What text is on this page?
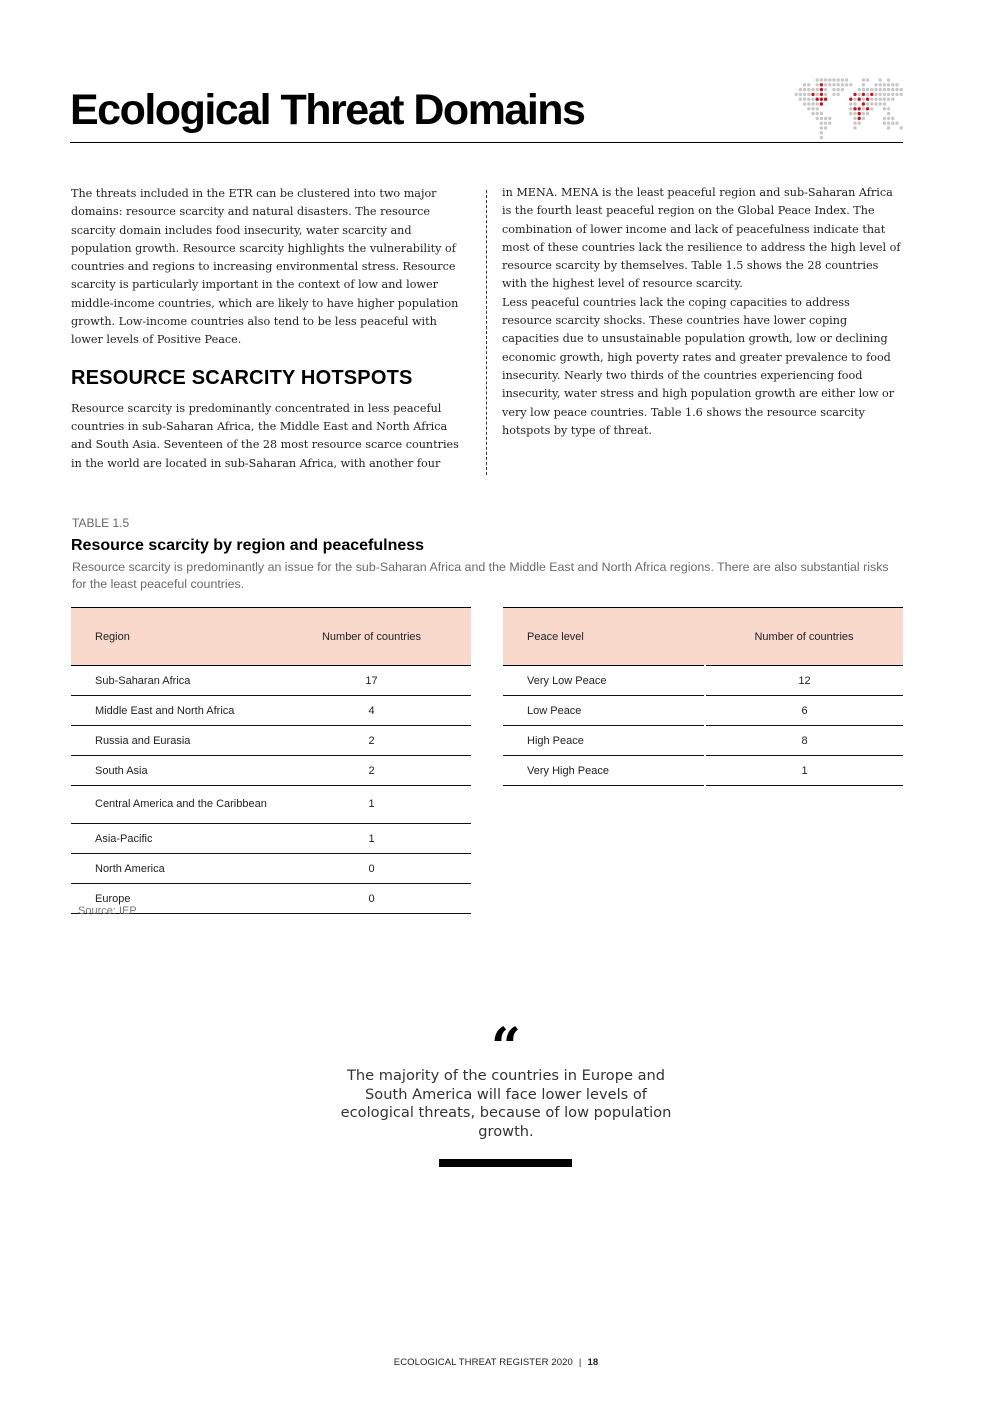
Ecological Threat Domains

The threats included in the ETR can be clustered into two major domains: resource scarcity and natural disasters. The resource scarcity domain includes food insecurity, water scarcity and population growth. Resource scarcity highlights the vulnerability of countries and regions to increasing environmental stress. Resource scarcity is particularly important in the context of low and lower middle-income countries, which are likely to have higher population growth. Low-income countries also tend to be less peaceful with lower levels of Positive Peace.

RESOURCE SCARCITY HOTSPOTS

Resource scarcity is predominantly concentrated in less peaceful countries in sub-Saharan Africa, the Middle East and North Africa and South Asia. Seventeen of the 28 most resource scarce countries in the world are located in sub-Saharan Africa, with another four

in MENA. MENA is the least peaceful region and sub-Saharan Africa is the fourth least peaceful region on the Global Peace Index. The combination of lower income and lack of peacefulness indicate that most of these countries lack the resilience to address the high level of resource scarcity by themselves. Table 1.5 shows the 28 countries with the highest level of resource scarcity.

Less peaceful countries lack the coping capacities to address resource scarcity shocks. These countries have lower coping capacities due to unsustainable population growth, low or declining economic growth, high poverty rates and greater prevalence to food insecurity. Nearly two thirds of the countries experiencing food insecurity, water stress and high population growth are either low or very low peace countries. Table 1.6 shows the resource scarcity hotspots by type of threat.

TABLE 1.5
Resource scarcity by region and peacefulness
Resource scarcity is predominantly an issue for the sub-Saharan Africa and the Middle East and North Africa regions. There are also substantial risks for the least peaceful countries.
Region	Number of countries
Sub-Saharan Africa	17
Middle East and North Africa	4
Russia and Eurasia	2
South Asia	2
Central America and the Caribbean	1
Asia-Pacific	1
North America	0
Europe	0
Peace level	Number of countries
Very Low Peace	12
Low Peace	6
High Peace	8
Very High Peace	1
Source: IEP
“
The majority of the countries in Europe and South America will face lower levels of ecological threats, because of low population growth.
ECOLOGICAL THREAT REGISTER 2020 | 18
